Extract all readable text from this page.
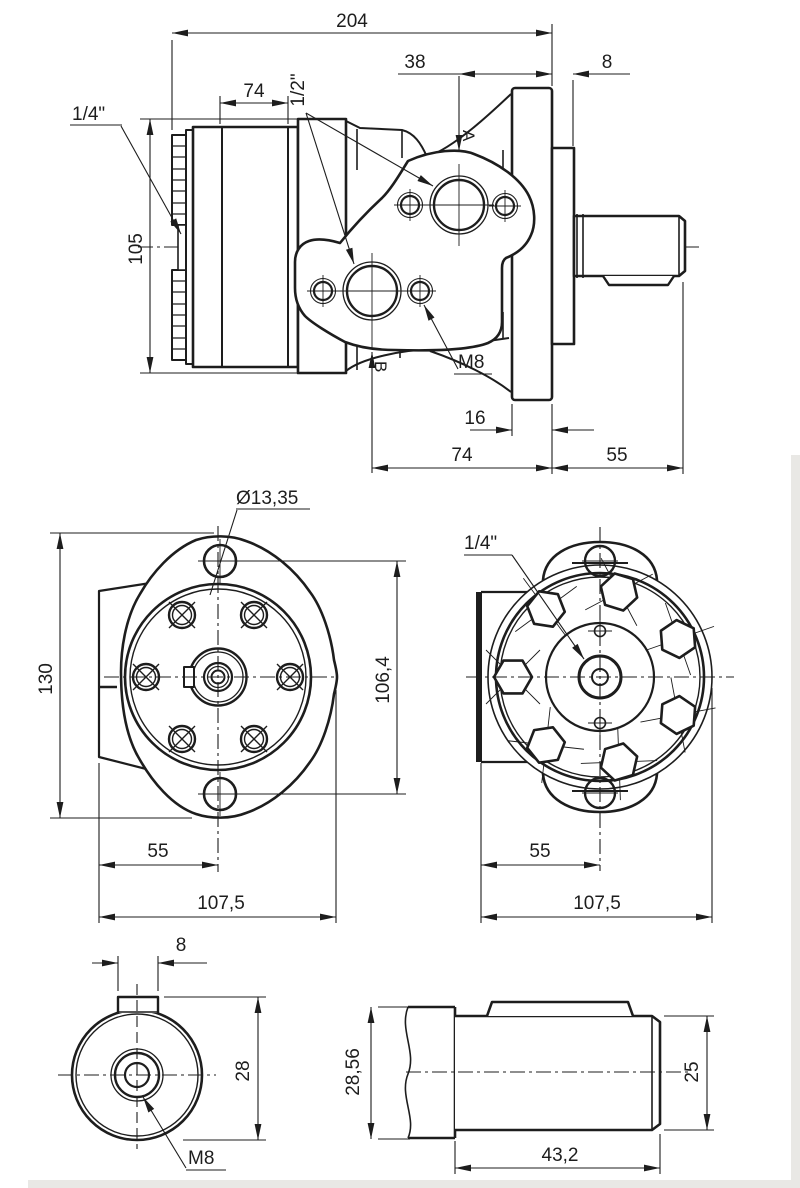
204
38	8
74
105
1/4"
1/2"
A
B	M8
16
74	55
Ø13,35
130	106,4
55
107,5
1/4"
55
107,5
8
28
M8
28,56	25
43,2
